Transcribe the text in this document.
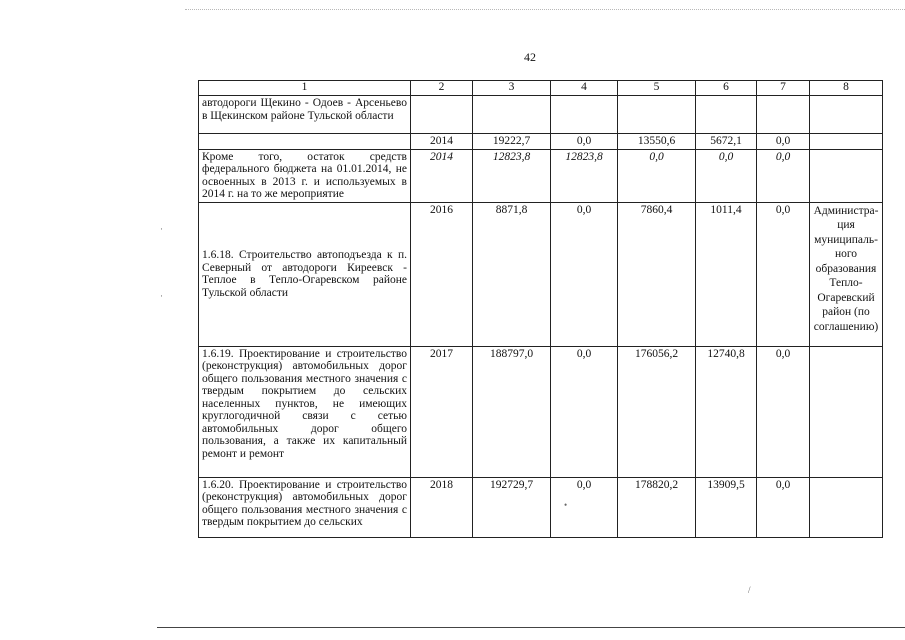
42
1	2	3	4	5	6	7	8
автодороги Щекино - Одоев - Арсеньево в Щекинском районе Тульской области							
	2014	19222,7	0,0	13550,6	5672,1	0,0	
Кроме того, остаток средств федерального бюджета на 01.01.2014, не освоенных в 2013 г. и используемых в 2014 г. на то же мероприятие	2014	12823,8	12823,8	0,0	0,0	0,0	
1.6.18. Строительство автоподъезда к п. Северный от автодороги Киреевск - Теплое в Тепло-Огаревском районе Тульской области	2016	8871,8	0,0	7860,4	1011,4	0,0	Администра-ция муниципаль-ного образования Тепло-Огаревский район (по соглашению)
1.6.19. Проектирование и строительство (реконструкция) автомобильных дорог общего пользования местного значения с твердым покрытием до сельских населенных пунктов, не имеющих круглогодичной связи с сетью автомобильных дорог общего пользования, а также их капитальный ремонт и ремонт	2017	188797,0	0,0	176056,2	12740,8	0,0	
1.6.20. Проектирование и строительство (реконструкция) автомобильных дорог общего пользования местного значения с твердым покрытием до сельских	2018	192729,7	0,0	178820,2	13909,5	0,0	
·
·
•
/
